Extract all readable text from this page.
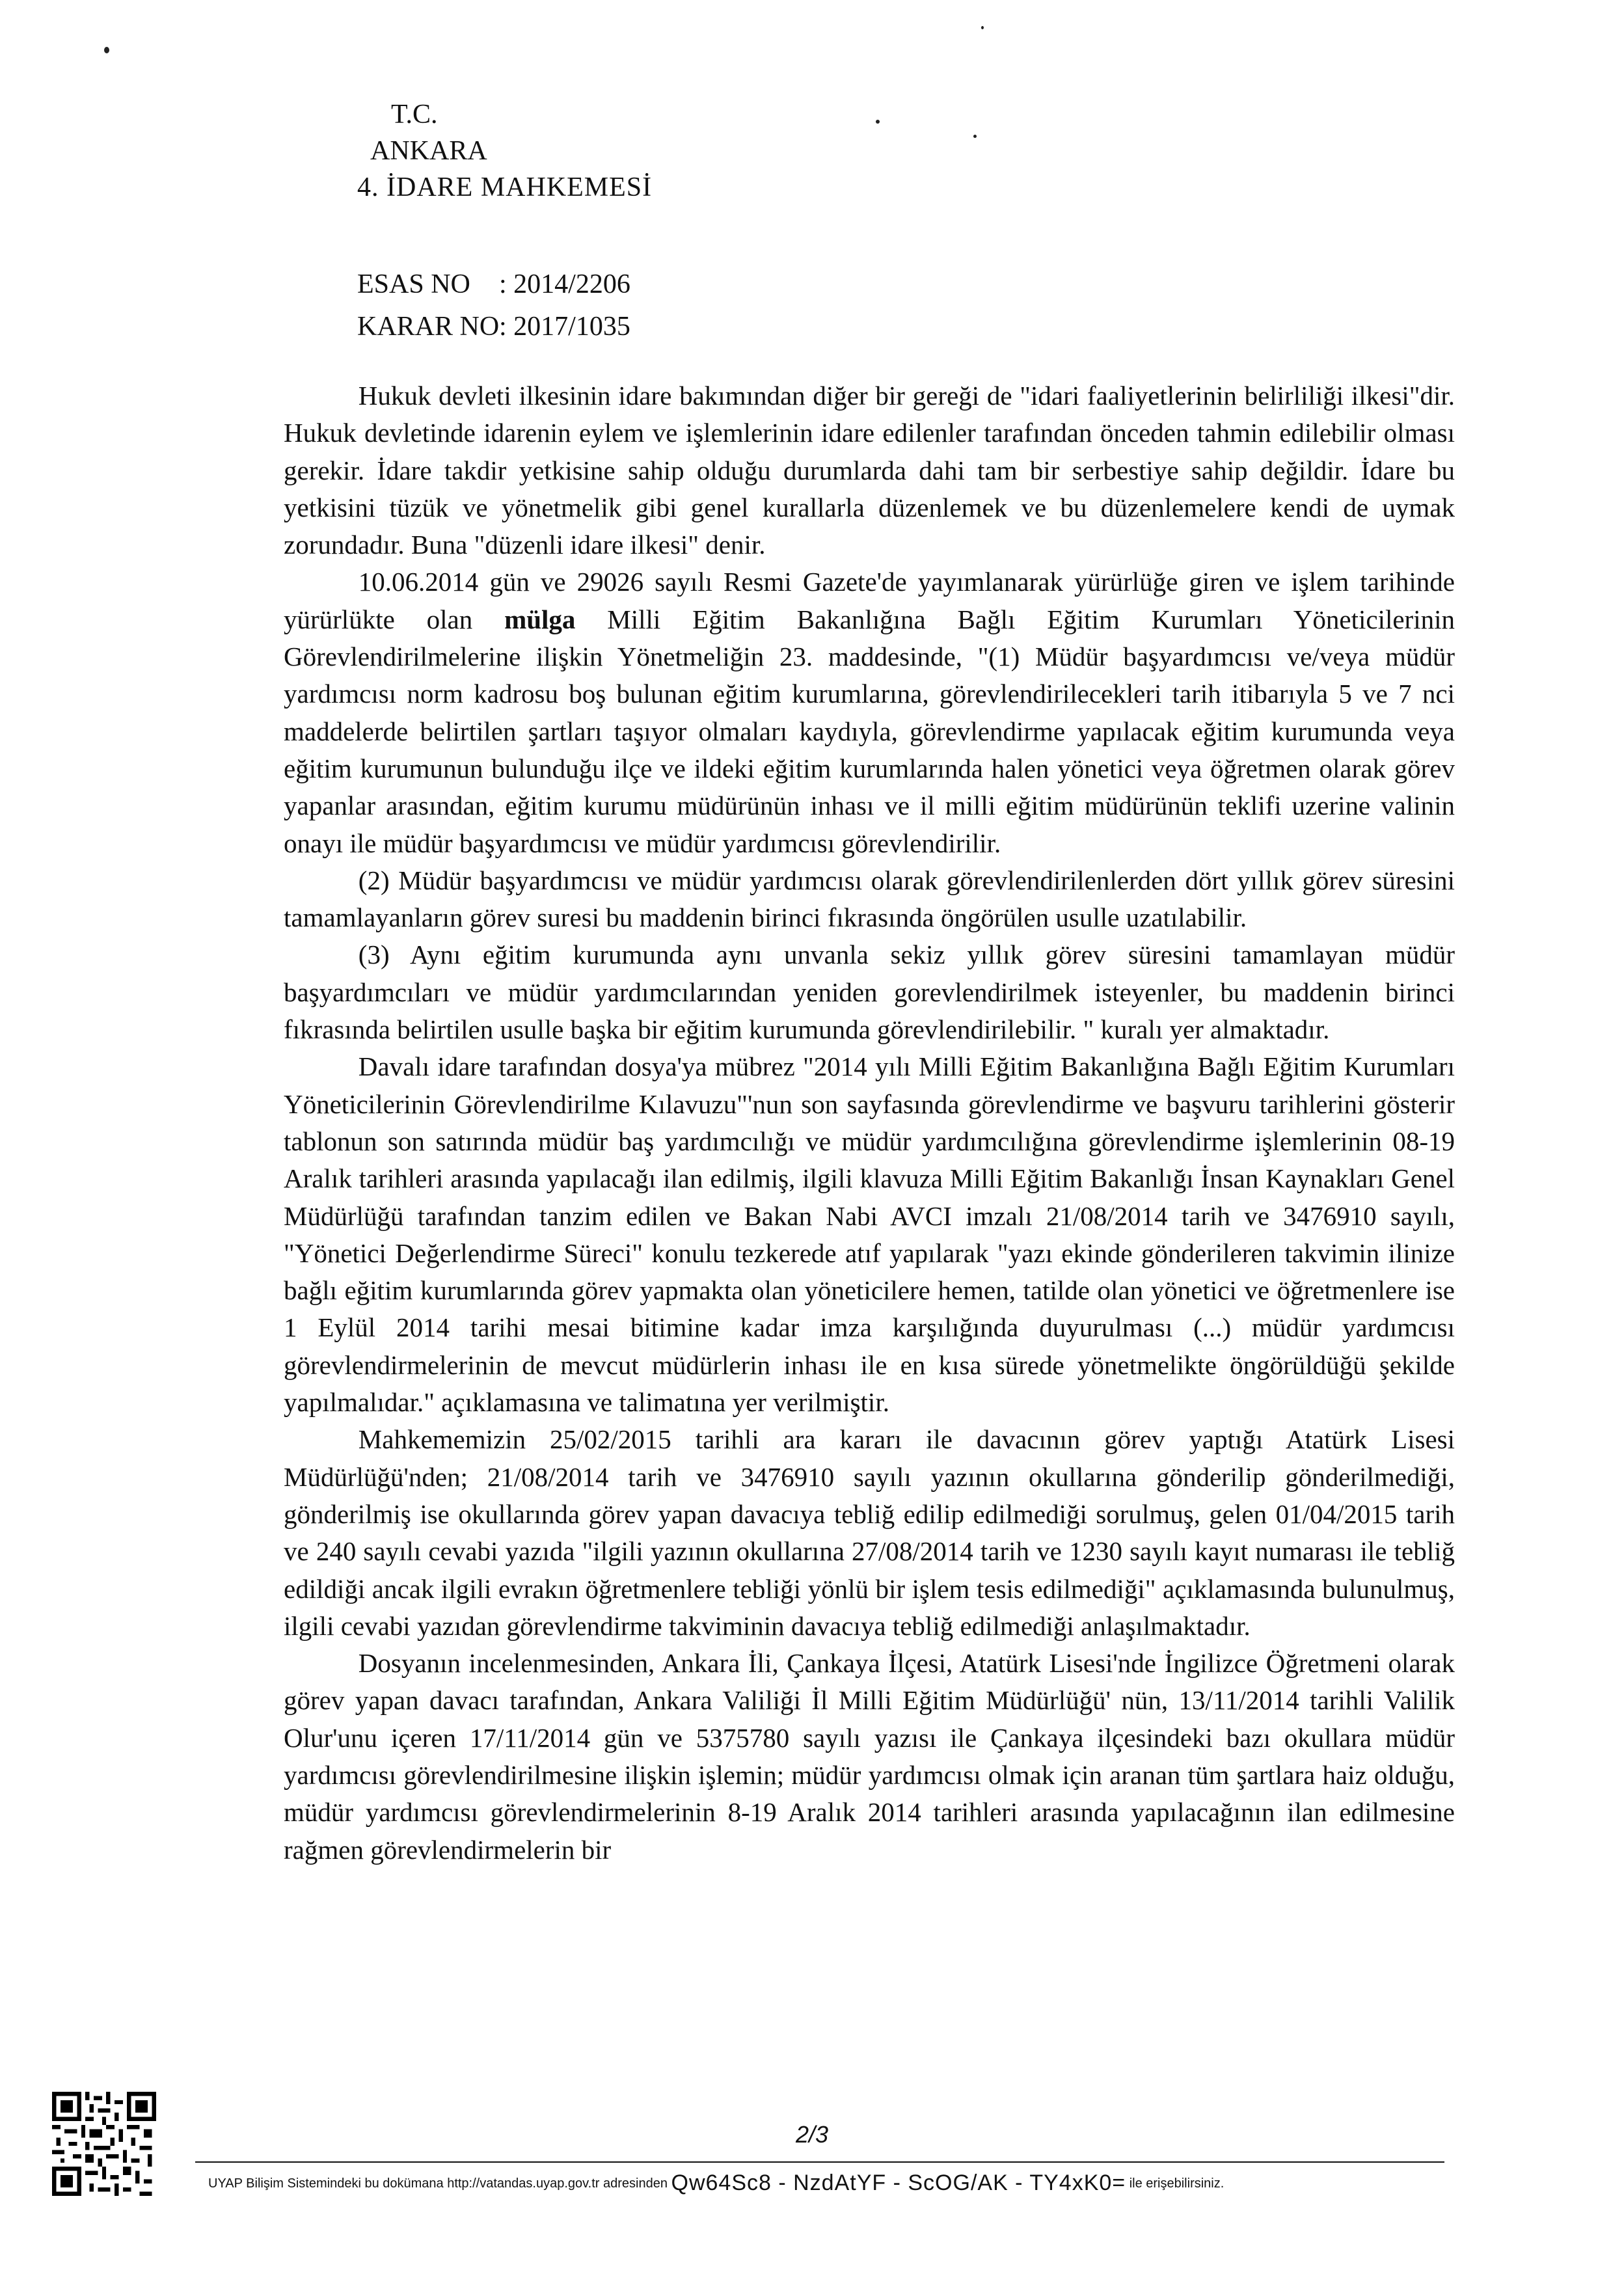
T.C.
ANKARA
4. İDARE MAHKEMESİ
ESAS NO : 2014/2206
KARAR NO: 2017/1035

Hukuk devleti ilkesinin idare bakımından diğer bir gereği de "idari faaliyetlerinin belirliliği ilkesi"dir. Hukuk devletinde idarenin eylem ve işlemlerinin idare edilenler tarafından önceden tahmin edilebilir olması gerekir. İdare takdir yetkisine sahip olduğu durumlarda dahi tam bir serbestiye sahip değildir. İdare bu yetkisini tüzük ve yönetmelik gibi genel kurallarla düzenlemek ve bu düzenlemelere kendi de uymak zorundadır. Buna "düzenli idare ilkesi" denir.

10.06.2014 gün ve 29026 sayılı Resmi Gazete'de yayımlanarak yürürlüğe giren ve işlem tarihinde yürürlükte olan mülga Milli Eğitim Bakanlığına Bağlı Eğitim Kurumları Yöneticilerinin Görevlendirilmelerine ilişkin Yönetmeliğin 23. maddesinde, "(1) Müdür başyardımcısı ve/veya müdür yardımcısı norm kadrosu boş bulunan eğitim kurumlarına, görevlendirilecekleri tarih itibarıyla 5 ve 7 nci maddelerde belirtilen şartları taşıyor olmaları kaydıyla, görevlendirme yapılacak eğitim kurumunda veya eğitim kurumunun bulunduğu ilçe ve ildeki eğitim kurumlarında halen yönetici veya öğretmen olarak görev yapanlar arasından, eğitim kurumu müdürünün inhası ve il milli eğitim müdürünün teklifi uzerine valinin onayı ile müdür başyardımcısı ve müdür yardımcısı görevlendirilir.

(2) Müdür başyardımcısı ve müdür yardımcısı olarak görevlendirilenlerden dört yıllık görev süresini tamamlayanların görev suresi bu maddenin birinci fıkrasında öngörülen usulle uzatılabilir.

(3) Aynı eğitim kurumunda aynı unvanla sekiz yıllık görev süresini tamamlayan müdür başyardımcıları ve müdür yardımcılarından yeniden gorevlendirilmek isteyenler, bu maddenin birinci fıkrasında belirtilen usulle başka bir eğitim kurumunda görevlendirilebilir. " kuralı yer almaktadır.

Davalı idare tarafından dosya'ya mübrez "2014 yılı Milli Eğitim Bakanlığına Bağlı Eğitim Kurumları Yöneticilerinin Görevlendirilme Kılavuzu"'nun son sayfasında görevlendirme ve başvuru tarihlerini gösterir tablonun son satırında müdür baş yardımcılığı ve müdür yardımcılığına görevlendirme işlemlerinin 08-19 Aralık tarihleri arasında yapılacağı ilan edilmiş, ilgili klavuza Milli Eğitim Bakanlığı İnsan Kaynakları Genel Müdürlüğü tarafından tanzim edilen ve Bakan Nabi AVCI imzalı 21/08/2014 tarih ve 3476910 sayılı, "Yönetici Değerlendirme Süreci" konulu tezkerede atıf yapılarak "yazı ekinde gönderileren takvimin ilinize bağlı eğitim kurumlarında görev yapmakta olan yöneticilere hemen, tatilde olan yönetici ve öğretmenlere ise 1 Eylül 2014 tarihi mesai bitimine kadar imza karşılığında duyurulması (...) müdür yardımcısı görevlendirmelerinin de mevcut müdürlerin inhası ile en kısa sürede yönetmelikte öngörüldüğü şekilde yapılmalıdar." açıklamasına ve talimatına yer verilmiştir.

Mahkememizin 25/02/2015 tarihli ara kararı ile davacının görev yaptığı Atatürk Lisesi Müdürlüğü'nden; 21/08/2014 tarih ve 3476910 sayılı yazının okullarına gönderilip gönderilmediği, gönderilmiş ise okullarında görev yapan davacıya tebliğ edilip edilmediği sorulmuş, gelen 01/04/2015 tarih ve 240 sayılı cevabi yazıda "ilgili yazının okullarına 27/08/2014 tarih ve 1230 sayılı kayıt numarası ile tebliğ edildiği ancak ilgili evrakın öğretmenlere tebliği yönlü bir işlem tesis edilmediği" açıklamasında bulunulmuş, ilgili cevabi yazıdan görevlendirme takviminin davacıya tebliğ edilmediği anlaşılmaktadır.

Dosyanın incelenmesinden, Ankara İli, Çankaya İlçesi, Atatürk Lisesi'nde İngilizce Öğretmeni olarak görev yapan davacı tarafından, Ankara Valiliği İl Milli Eğitim Müdürlüğü' nün, 13/11/2014 tarihli Valilik Olur'unu içeren 17/11/2014 gün ve 5375780 sayılı yazısı ile Çankaya ilçesindeki bazı okullara müdür yardımcısı görevlendirilmesine ilişkin işlemin; müdür yardımcısı olmak için aranan tüm şartlara haiz olduğu, müdür yardımcısı görevlendirmelerinin 8-19 Aralık 2014 tarihleri arasında yapılacağının ilan edilmesine rağmen görevlendirmelerin bir

2/3
UYAP Bilişim Sistemindeki bu dokümana http://vatandas.uyap.gov.tr adresinden Qw64Sc8 - NzdAtYF - ScOG/AK - TY4xK0= ile erişebilirsiniz.
